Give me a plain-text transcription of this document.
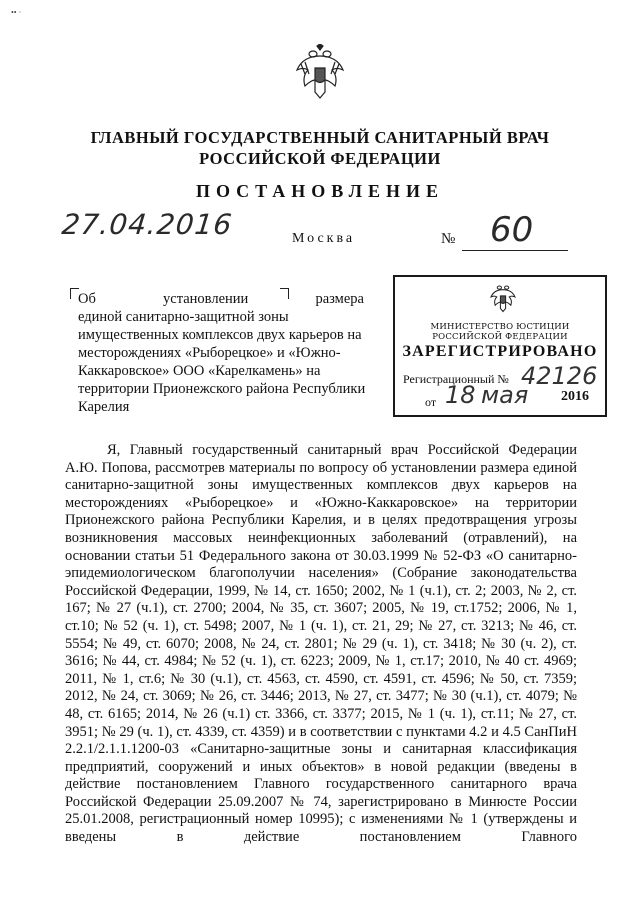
•• ·
ГЛАВНЫЙ ГОСУДАРСТВЕННЫЙ САНИТАРНЫЙ ВРАЧ
РОССИЙСКОЙ ФЕДЕРАЦИИ
ПОСТАНОВЛЕНИЕ
27.04.2016	Москва	№ 60
Об	установлении	размера
единой санитарно-защитной зоны имущественных комплексов двух карьеров на месторождениях «Рыборецкое» и «Южно-Каккаровское» ООО «Карелкамень» на территории Прионежского района Республики Карелия
МИНИСТЕРСТВО ЮСТИЦИИ РОССИЙСКОЙ ФЕДЕРАЦИИ
ЗАРЕГИСТРИРОВАНО
Регистрационный № 42126
от 18 мая 2016

Я, Главный государственный санитарный врач Российской Федерации А.Ю. Попова, рассмотрев материалы по вопросу об установлении размера единой санитарно-защитной зоны имущественных комплексов двух карьеров на месторождениях «Рыборецкое» и «Южно-Каккаровское» на территории Прионежского района Республики Карелия, и в целях предотвращения угрозы возникновения массовых неинфекционных заболеваний (отравлений), на основании статьи 51 Федерального закона от 30.03.1999 № 52-ФЗ «О санитарно-эпидемиологическом благополучии населения» (Собрание законодательства Российской Федерации, 1999, № 14, ст. 1650; 2002, № 1 (ч.1), ст. 2; 2003, № 2, ст. 167; № 27 (ч.1), ст. 2700; 2004, № 35, ст. 3607; 2005, № 19, ст.1752; 2006, № 1, ст.10; № 52 (ч. 1), ст. 5498; 2007, № 1 (ч. 1), ст. 21, 29; № 27, ст. 3213; № 46, ст. 5554; № 49, ст. 6070; 2008, № 24, ст. 2801; № 29 (ч. 1), ст. 3418; № 30 (ч. 2), ст. 3616; № 44, ст. 4984; № 52 (ч. 1), ст. 6223; 2009, № 1, ст.17; 2010, № 40 ст. 4969; 2011, № 1, ст.6; № 30 (ч.1), ст. 4563, ст. 4590, ст. 4591, ст. 4596; № 50, ст. 7359; 2012, № 24, ст. 3069; № 26, ст. 3446; 2013, № 27, ст. 3477; № 30 (ч.1), ст. 4079; № 48, ст. 6165; 2014, № 26 (ч.1) ст. 3366, ст. 3377; 2015, № 1 (ч. 1), ст.11; № 27, ст. 3951; № 29 (ч. 1), ст. 4339, ст. 4359) и в соответствии с пунктами 4.2 и 4.5 СанПиН 2.2.1/2.1.1.1200-03 «Санитарно-защитные зоны и санитарная классификация предприятий, сооружений и иных объектов» в новой редакции (введены в действие постановлением Главного государственного санитарного врача Российской Федерации 25.09.2007 № 74, зарегистрировано в Минюсте России 25.01.2008, регистрационный номер 10995); с изменениями № 1 (утверждены и введены в действие постановлением Главного
